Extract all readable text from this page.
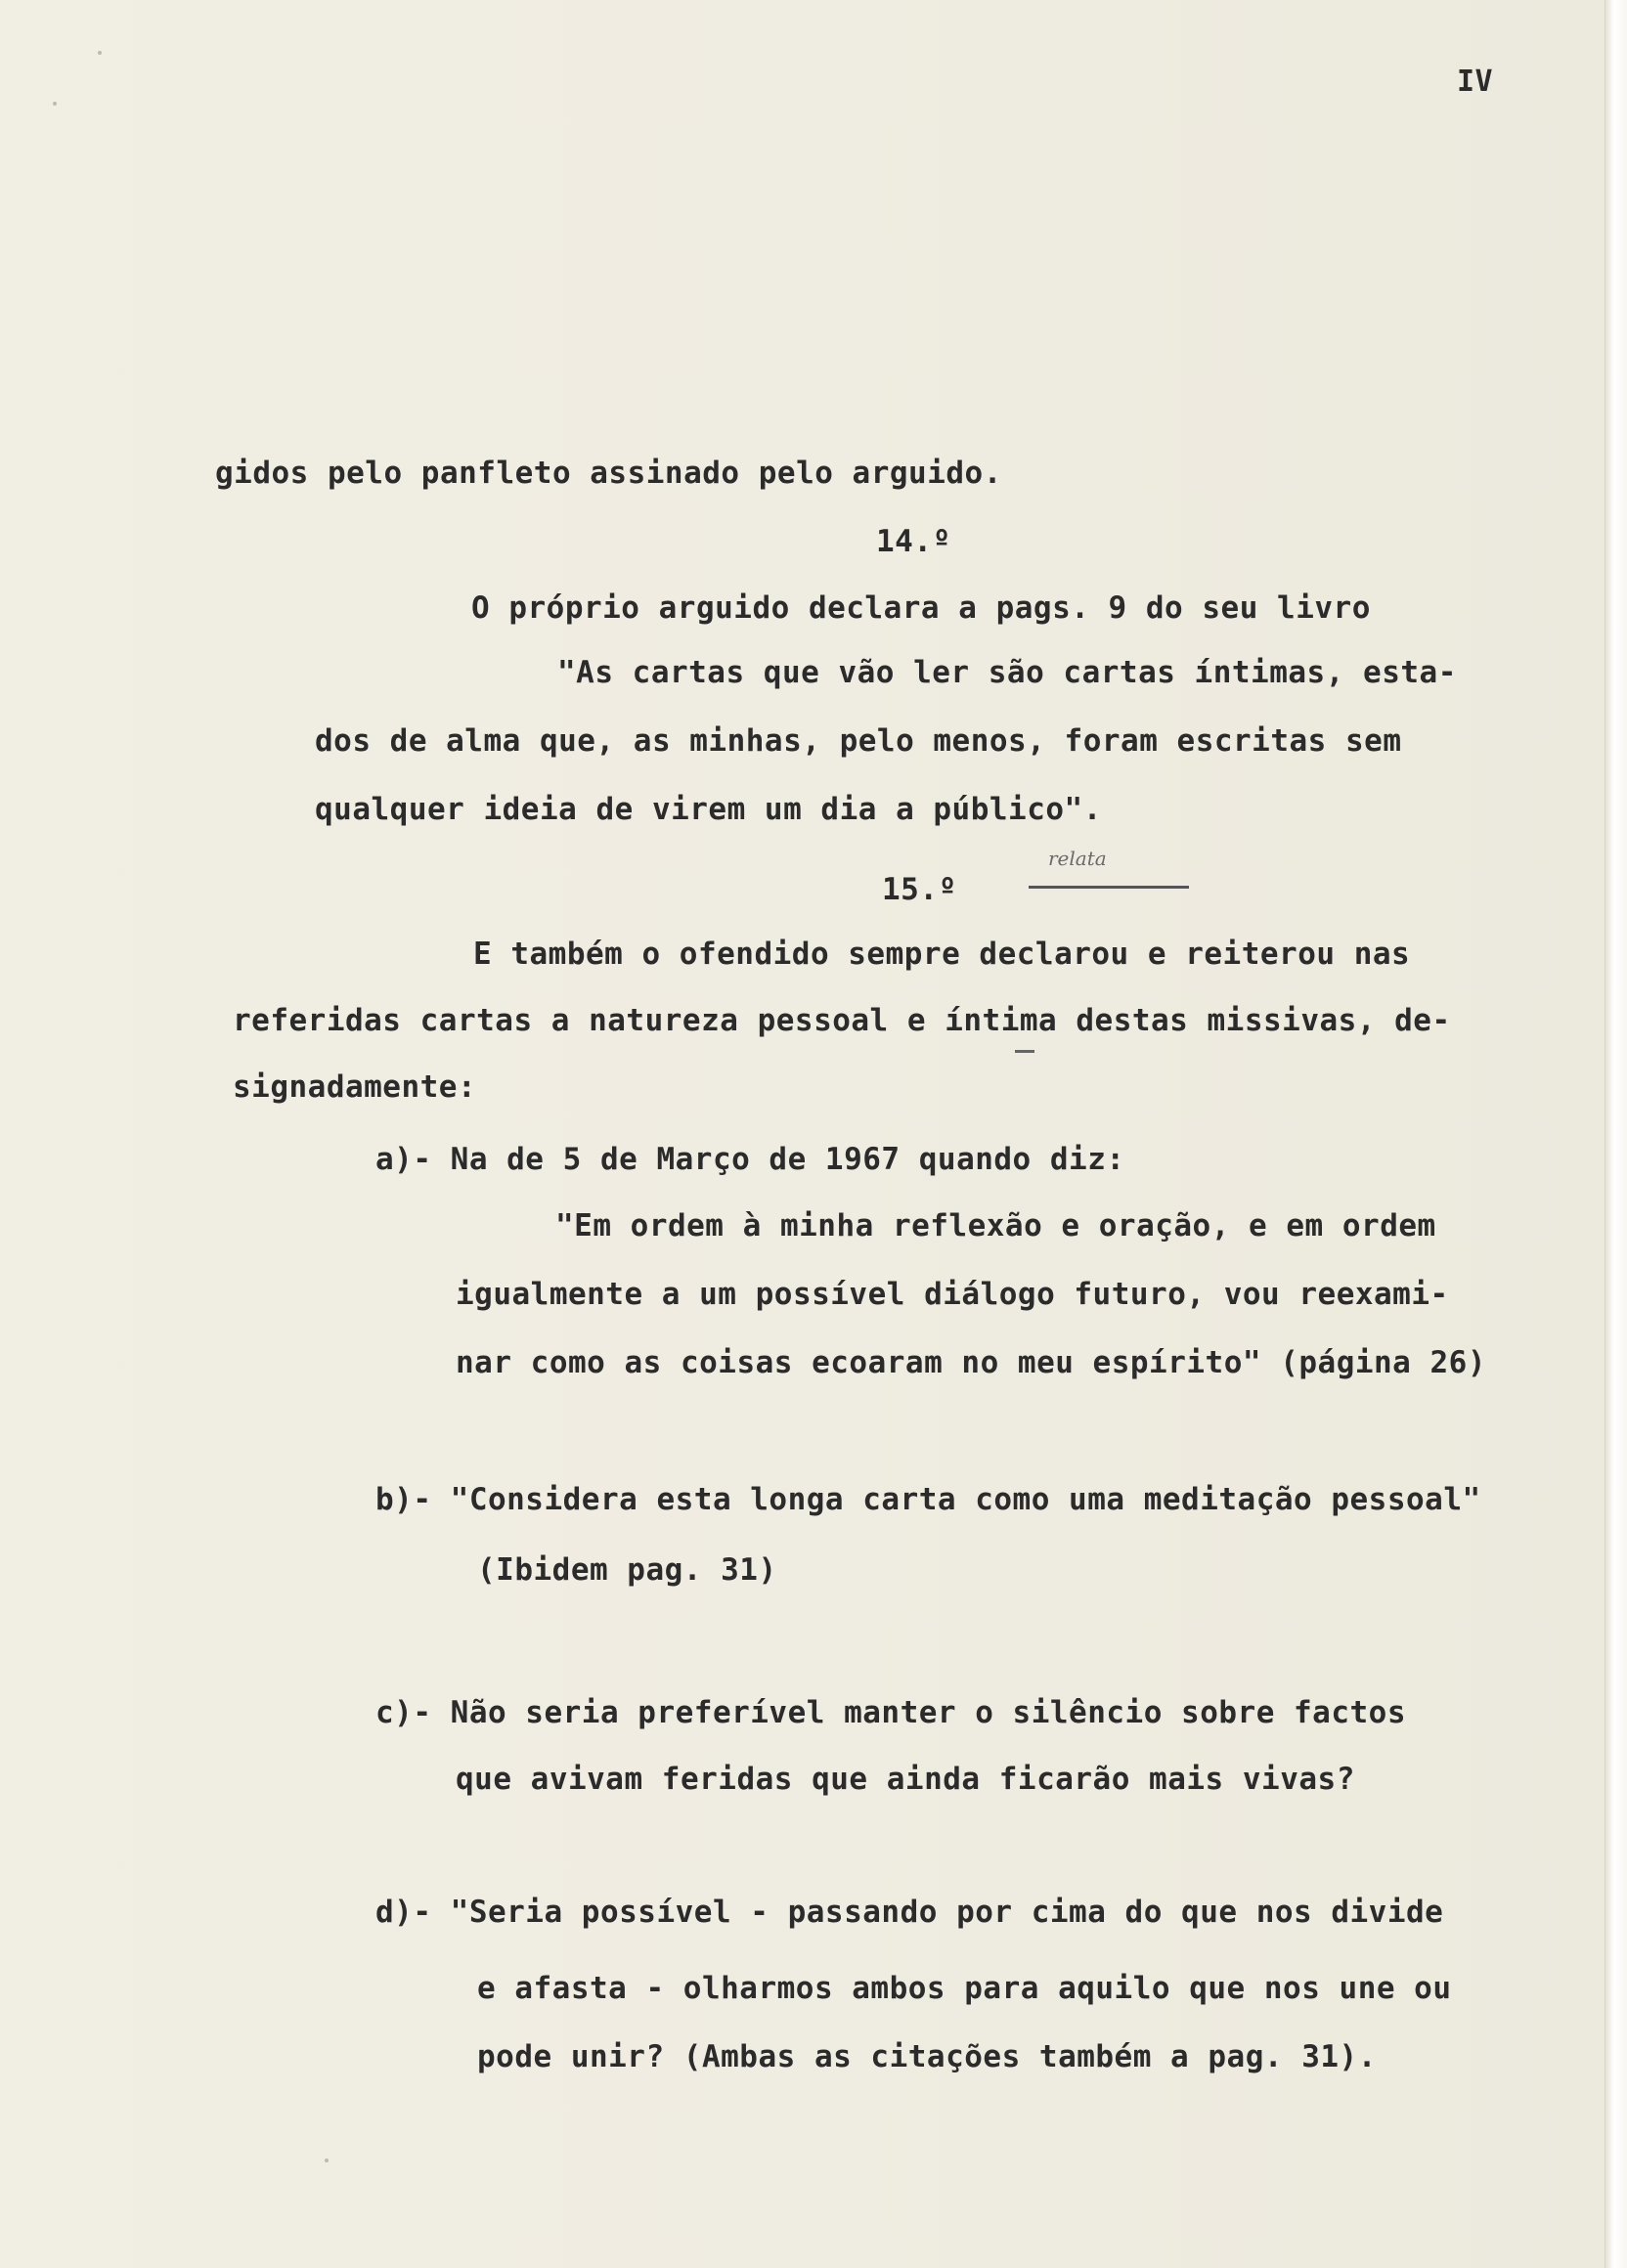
IV
gidos pelo panfleto assinado pelo arguido.
14.º
O próprio arguido declara a pags. 9 do seu livro
"As cartas que vão ler são cartas íntimas, esta-
dos de alma que, as minhas, pelo menos, foram escritas sem
qualquer ideia de virem um dia a público".
relata
15.º
E também o ofendido sempre declarou e reiterou nas
referidas cartas a natureza pessoal e íntima destas missivas, de-
signadamente:
a)- Na de 5 de Março de 1967 quando diz:
"Em ordem à minha reflexão e oração, e em ordem
igualmente a um possível diálogo futuro, vou reexami-
nar como as coisas ecoaram no meu espírito" (página 26)
b)- "Considera esta longa carta como uma meditação pessoal"
(Ibidem pag. 31)
c)- Não seria preferível manter o silêncio sobre factos
que avivam feridas que ainda ficarão mais vivas?
d)- "Seria possível - passando por cima do que nos divide
e afasta - olharmos ambos para aquilo que nos une ou
pode unir? (Ambas as citações também a pag. 31).
